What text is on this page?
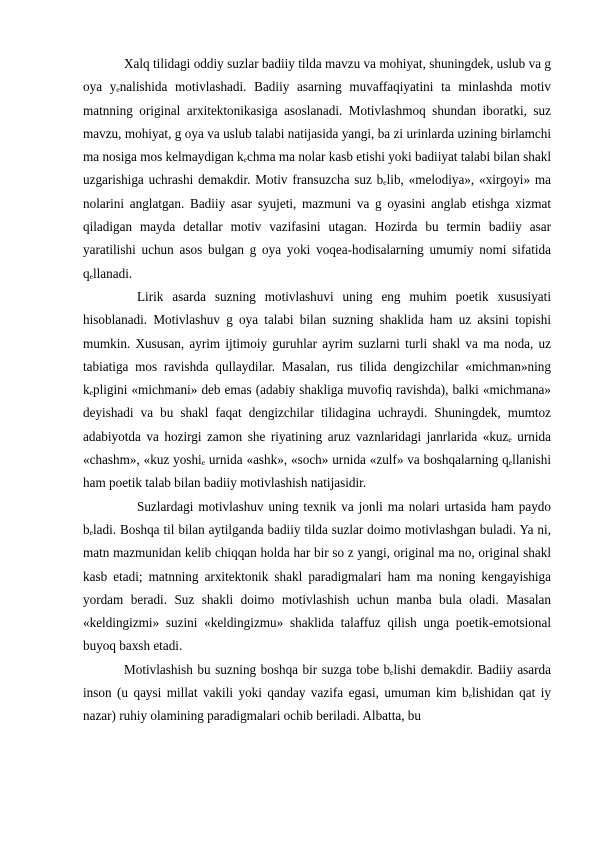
Xalq tilidagi oddiy suzlar badiiy tilda mavzu va mohiyat, shuningdek, uslub va g oya yₑnalishida motivlashadi. Badiiy asarning muvaffaqiyatini ta minlashda motiv matnning original arxitektonikasiga asoslanadi. Motivlashmoq shundan iboratki, suz mavzu, mohiyat, g oya va uslub talabi natijasida yangi, ba zi urinlarda uzining birlamchi ma nosiga mos kelmaydigan kₑchma ma nolar kasb etishi yoki badiiyat talabi bilan shakl uzgarishiga uchrashi demakdir. Motiv fransuzcha suz bₑlib, «melodiya», «xirgoyi» ma nolarini anglatgan. Badiiy asar syujeti, mazmuni va g oyasini anglab etishga xizmat qiladigan mayda detallar motiv vazifasini utagan. Hozirda bu termin badiiy asar yaratilishi uchun asos bulgan g oya yoki voqea-hodisalarning umumiy nomi sifatida qₑllanadi.

Lirik asarda suzning motivlashuvi uning eng muhim poetik xususiyati hisoblanadi. Motivlashuv g oya talabi bilan suzning shaklida ham uz aksini topishi mumkin. Xususan, ayrim ijtimoiy guruhlar ayrim suzlarni turli shakl va ma noda, uz tabiatiga mos ravishda qullaydilar. Masalan, rus tilida dengizchilar «michman»ning kₑpligini «michmani» deb emas (adabiy shakliga muvofiq ravishda), balki «michmana» deyishadi va bu shakl faqat dengizchilar tilidagina uchraydi. Shuningdek, mumtoz adabiyotda va hozirgi zamon she riyatining aruz vaznlaridagi janrlarida «kuzₑ urnida «chashm», «kuz yoshiₑ urnida «ashk», «soch» urnida «zulf» va boshqalarning qₑllanishi ham poetik talab bilan badiiy motivlashish natijasidir.

Suzlardagi motivlashuv uning texnik va jonli ma nolari urtasida ham paydo bₑladi. Boshqa til bilan aytilganda badiiy tilda suzlar doimo motivlashgan buladi. Ya ni, matn mazmunidan kelib chiqqan holda har bir so z yangi, original ma no, original shakl kasb etadi; matnning arxitektonik shakl paradigmalari ham ma noning kengayishiga yordam beradi. Suz shakli doimo motivlashish uchun manba bula oladi. Masalan «keldingizmi» suzini «keldingizmu» shaklida talaffuz qilish unga poetik-emotsional buyoq baxsh etadi.

Motivlashish bu suzning boshqa bir suzga tobe bₑlishi demakdir. Badiiy asarda inson (u qaysi millat vakili yoki qanday vazifa egasi, umuman kim bₑlishidan qat iy nazar) ruhiy olamining paradigmalari ochib beriladi. Albatta, bu
